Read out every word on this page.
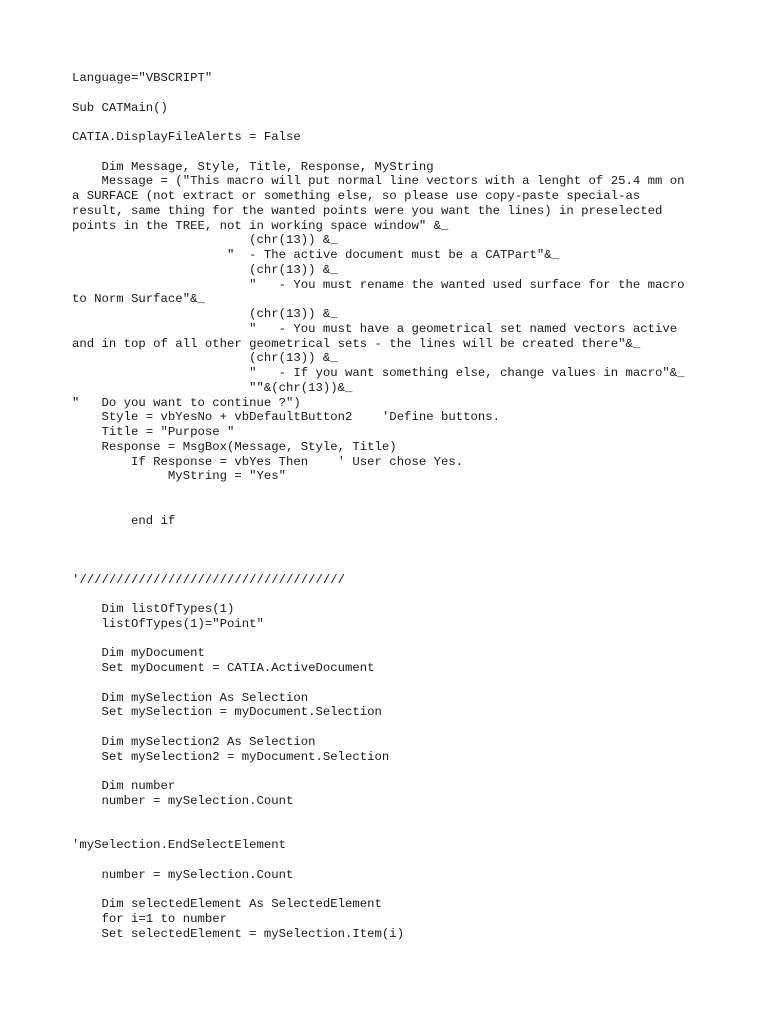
Language="VBSCRIPT"
Sub CATMain()
CATIA.DisplayFileAlerts = False
Dim Message, Style, Title, Response, MyString
Message = ("This macro will put normal line vectors with a lenght of 25.4 mm on
a SURFACE (not extract or something else, so please use copy-paste special-as
result, same thing for the wanted points were you want the lines) in preselected
points in the TREE, not in working space window" &_
(chr(13)) &_
"  - The active document must be a CATPart"&_
(chr(13)) &_
"   - You must rename the wanted used surface for the macro
to Norm Surface"&_
(chr(13)) &_
"   - You must have a geometrical set named vectors active
and in top of all other geometrical sets - the lines will be created there"&_
(chr(13)) &_
"   - If you want something else, change values in macro"&_
""&(chr(13))&_
"   Do you want to continue ?")
Style = vbYesNo + vbDefaultButton2    'Define buttons.
Title = "Purpose "
Response = MsgBox(Message, Style, Title)
If Response = vbYes Then    ' User chose Yes.
MyString = "Yes"
end if
'////////////////////////////////////
Dim listOfTypes(1)
listOfTypes(1)="Point"
Dim myDocument
Set myDocument = CATIA.ActiveDocument
Dim mySelection As Selection
Set mySelection = myDocument.Selection
Dim mySelection2 As Selection
Set mySelection2 = myDocument.Selection
Dim number
number = mySelection.Count
'mySelection.EndSelectElement
number = mySelection.Count
Dim selectedElement As SelectedElement
for i=1 to number
Set selectedElement = mySelection.Item(i)
